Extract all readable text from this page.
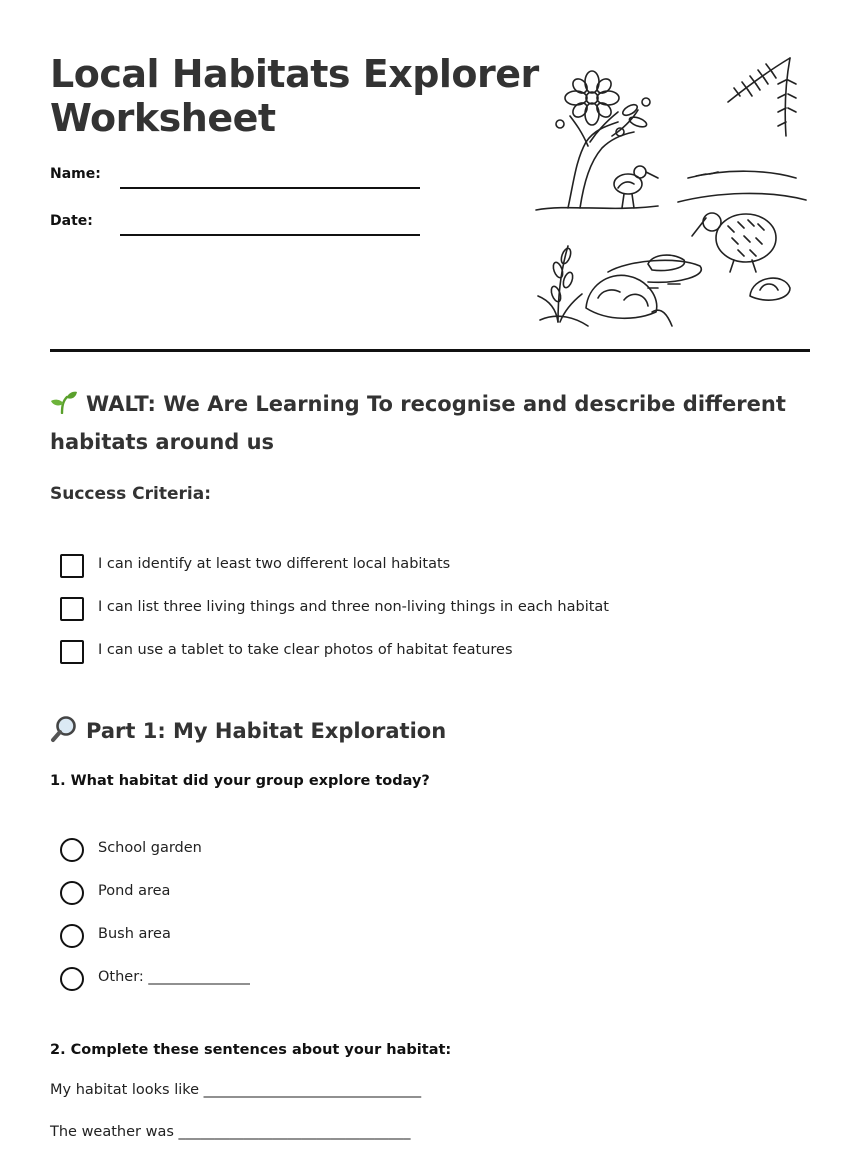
Local Habitats Explorer
Worksheet
Name:
Date:
WALT: We Are Learning To recognise and describe different
habitats around us
Success Criteria:
I can identify at least two different local habitats
I can list three living things and three non-living things in each habitat
I can use a tablet to take clear photos of habitat features
Part 1: My Habitat Exploration
1. What habitat did your group explore today?
School garden
Pond area
Bush area
Other: ______________
2. Complete these sentences about your habitat:
My habitat looks like ______________________________
The weather was ________________________________
